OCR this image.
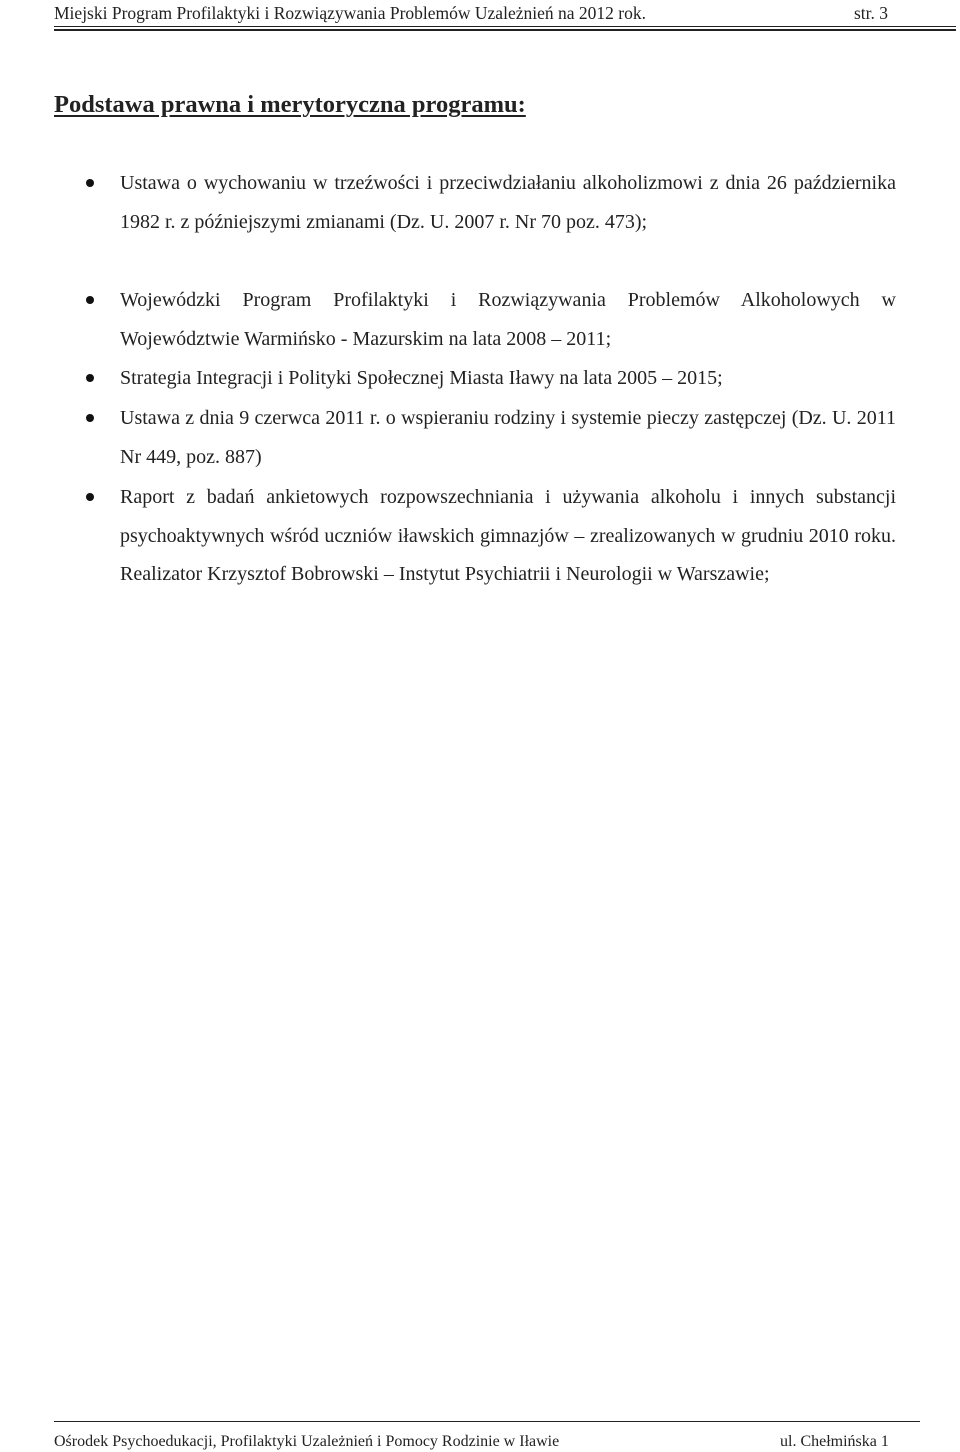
Miejski Program Profilaktyki i Rozwiązywania Problemów Uzależnień na 2012 rok.	str. 3
Podstawa prawna i merytoryczna programu:
Ustawa o wychowaniu w trzeźwości i przeciwdziałaniu alkoholizmowi z dnia 26 października 1982 r. z późniejszymi zmianami (Dz. U. 2007 r. Nr 70 poz. 473);
Wojewódzki Program Profilaktyki i Rozwiązywania Problemów Alkoholowych w Województwie Warmińsko - Mazurskim na lata 2008 – 2011;
Strategia Integracji i Polityki Społecznej Miasta Iławy na lata 2005 – 2015;
Ustawa z dnia 9 czerwca 2011 r. o wspieraniu rodziny i systemie pieczy zastępczej (Dz. U. 2011 Nr 449, poz. 887)
Raport z badań ankietowych rozpowszechniania i używania alkoholu i innych substancji psychoaktywnych wśród uczniów iławskich gimnazjów – zrealizowanych w grudniu 2010 roku. Realizator Krzysztof Bobrowski – Instytut Psychiatrii i Neurologii w Warszawie;
Ośrodek Psychoedukacji, Profilaktyki Uzależnień i Pomocy Rodzinie w Iławie	ul. Chełmińska 1
